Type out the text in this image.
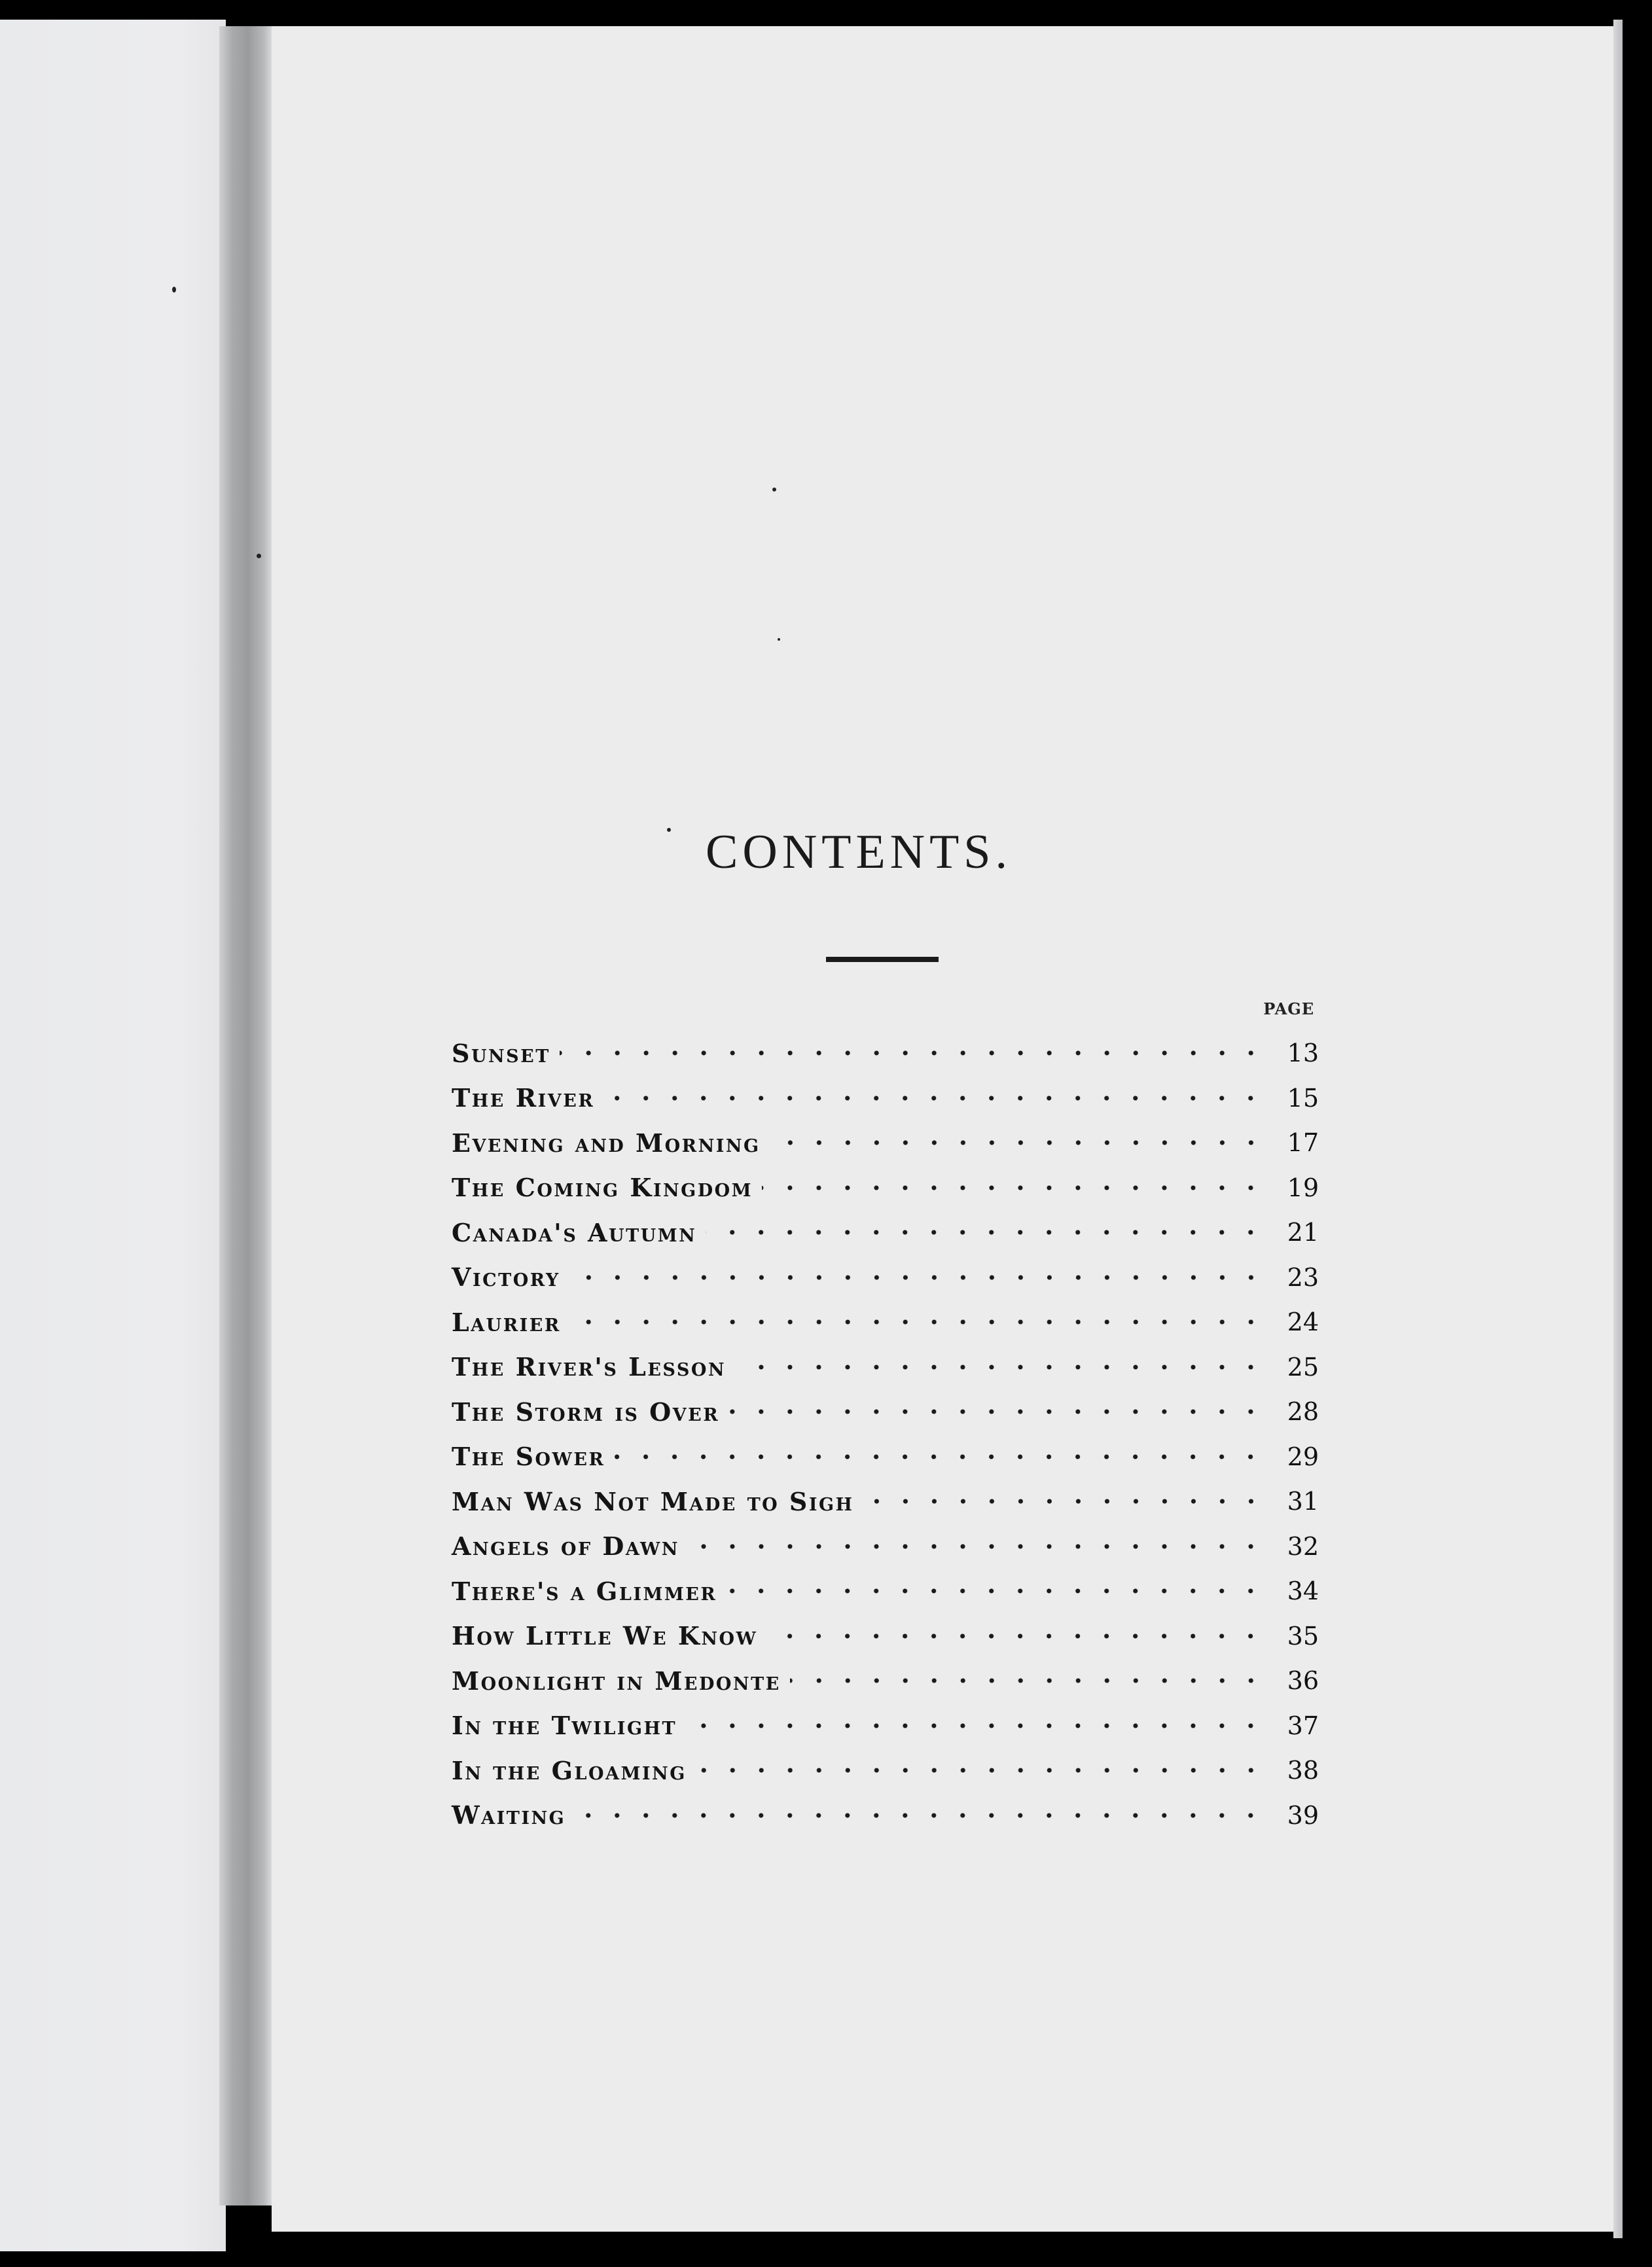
CONTENTS.
PAGE
Sunset	13
The River	15
Evening and Morning	17
The Coming Kingdom	19
Canada's Autumn	21
Victory	23
Laurier	24
The River's Lesson	25
The Storm is Over	28
The Sower	29
Man Was Not Made to Sigh	31
Angels of Dawn	32
There's a Glimmer	34
How Little We Know	35
Moonlight in Medonte	36
In the Twilight	37
In the Gloaming	38
Waiting	39
